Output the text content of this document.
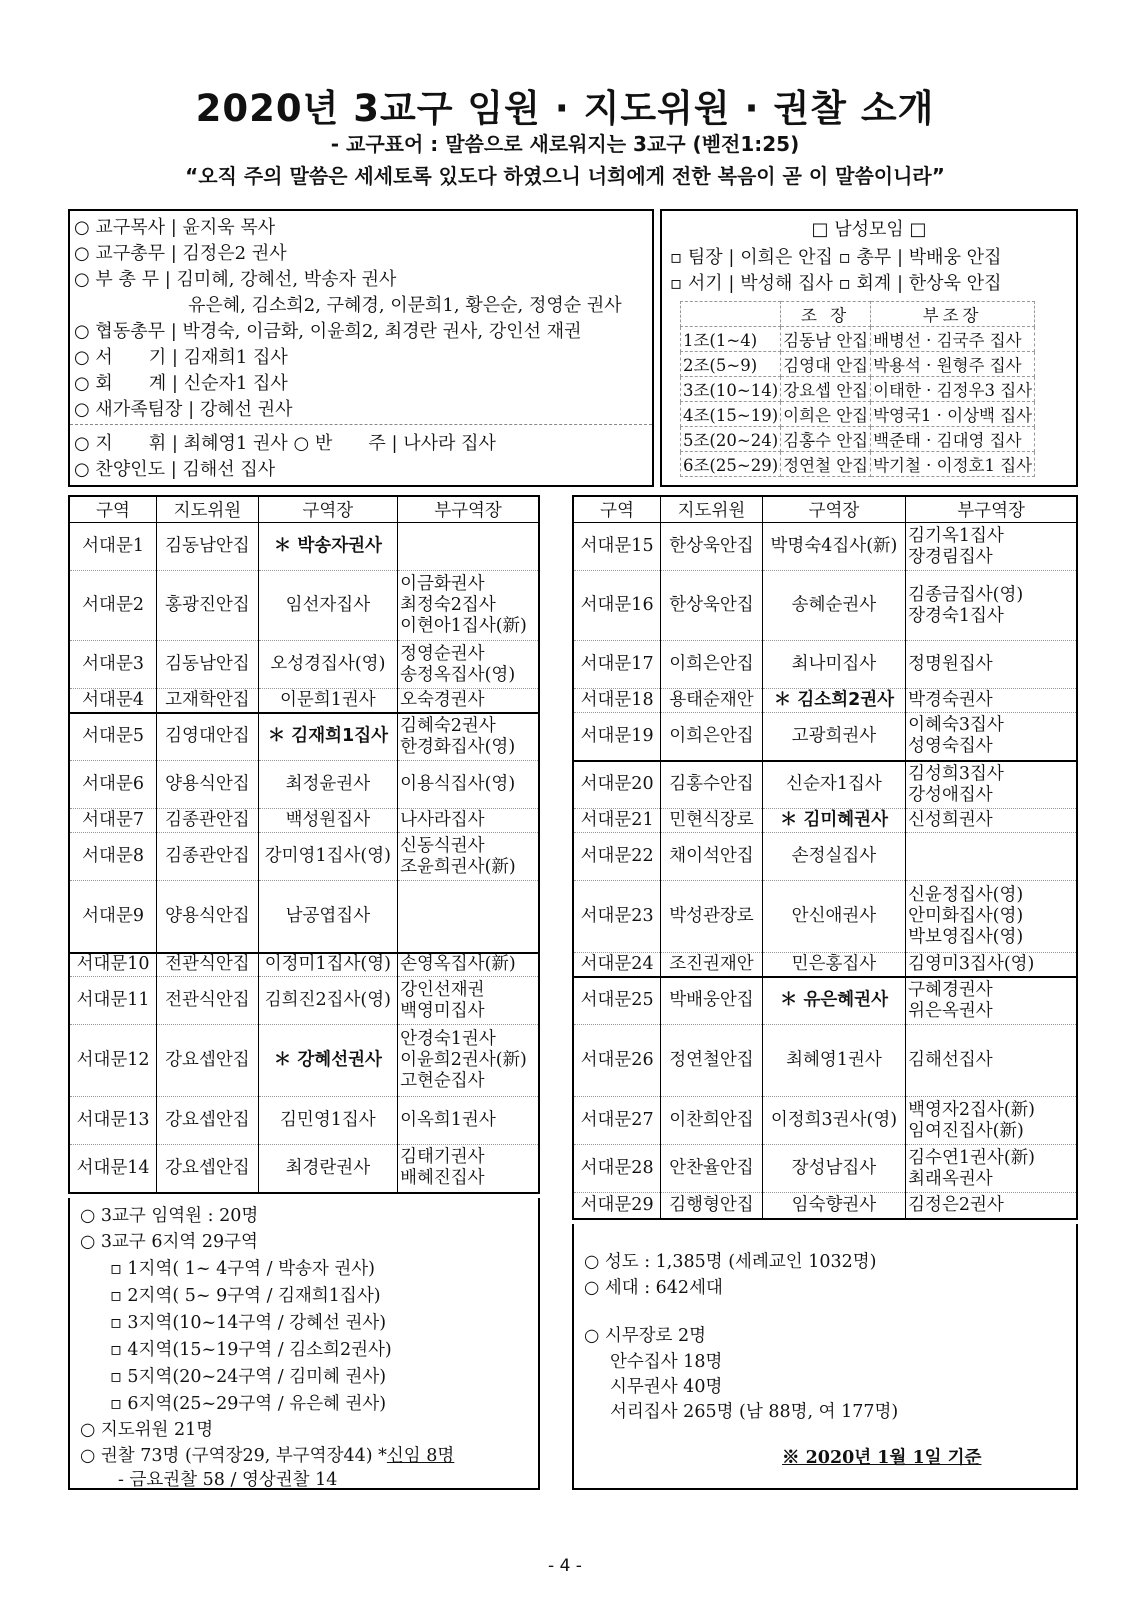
2020년 3교구 임원 · 지도위원 · 권찰 소개
- 교구표어 : 말씀으로 새로워지는 3교구 (벧전1:25)
“오직 주의 말씀은 세세토록 있도다 하였으니 너희에게 전한 복음이 곧 이 말씀이니라”
○ 교구목사 | 윤지욱 목사
○ 교구총무 | 김정은2 권사
○ 부 총 무 | 김미혜, 강혜선, 박송자 권사
유은혜, 김소희2, 구혜경, 이문희1, 황은순, 정영순 권사
○ 협동총무 | 박경숙, 이금화, 이윤희2, 최경란 권사, 강인선 재권
○ 서　　기 | 김재희1 집사
○ 회　　계 | 신순자1 집사
○ 새가족팀장 | 강혜선 권사
○ 지　　휘 | 최혜영1 권사 ○ 반　　주 | 나사라 집사
○ 찬양인도 | 김해선 집사
□ 남성모임 □
▫ 팀장 | 이희은 안집 ▫ 총무 | 박배웅 안집
▫ 서기 | 박성해 집사 ▫ 회계 | 한상욱 안집
	조 장	부조장
1조(1~4)	김동남 안집	배병선 · 김국주 집사
2조(5~9)	김영대 안집	박용석 · 원형주 집사
3조(10~14)	강요셉 안집	이태한 · 김정우3 집사
4조(15~19)	이희은 안집	박영국1 · 이상백 집사
5조(20~24)	김홍수 안집	백준태 · 김대영 집사
6조(25~29)	정연철 안집	박기철 · 이정호1 집사
구역	지도위원	구역장	부구역장
서대문1	김동남안집	＊ 박송자권사	
서대문2	홍광진안집	임선자집사	이금화권사
최정숙2집사
이현아1집사(新)
서대문3	김동남안집	오성경집사(영)	정영순권사
송정옥집사(영)
서대문4	고재학안집	이문희1권사	오숙경권사
서대문5	김영대안집	＊ 김재희1집사	김혜숙2권사
한경화집사(영)
서대문6	양용식안집	최정윤권사	이용식집사(영)
서대문7	김종관안집	백성원집사	나사라집사
서대문8	김종관안집	강미영1집사(영)	신동식권사
조윤희권사(新)
서대문9	양용식안집	남공엽집사	
서대문10	전관식안집	이정미1집사(영)	손영옥집사(新)
서대문11	전관식안집	김희진2집사(영)	강인선재권
백영미집사
서대문12	강요셉안집	＊ 강혜선권사	안경숙1권사
이윤희2권사(新)
고현순집사
서대문13	강요셉안집	김민영1집사	이옥희1권사
서대문14	강요셉안집	최경란권사	김태기권사
배혜진집사
구역	지도위원	구역장	부구역장
서대문15	한상욱안집	박명숙4집사(新)	김기옥1집사
장경림집사
서대문16	한상욱안집	송혜순권사	김종금집사(영)
장경숙1집사
서대문17	이희은안집	최나미집사	정명원집사
서대문18	용태순재안	＊ 김소희2권사	박경숙권사
서대문19	이희은안집	고광희권사	이혜숙3집사
성영숙집사
서대문20	김홍수안집	신순자1집사	김성희3집사
강성애집사
서대문21	민현식장로	＊ 김미혜권사	신성희권사
서대문22	채이석안집	손정실집사	
서대문23	박성관장로	안신애권사	신윤정집사(영)
안미화집사(영)
박보영집사(영)
서대문24	조진권재안	민은홍집사	김영미3집사(영)
서대문25	박배웅안집	＊ 유은혜권사	구혜경권사
위은옥권사
서대문26	정연철안집	최혜영1권사	김해선집사
서대문27	이찬희안집	이정희3권사(영)	백영자2집사(新)
임여진집사(新)
서대문28	안찬율안집	장성남집사	김수연1권사(新)
최래옥권사
서대문29	김행형안집	임숙향권사	김정은2권사
○ 3교구 임역원 : 20명
○ 3교구 6지역 29구역
▫ 1지역( 1~ 4구역 / 박송자 권사)
▫ 2지역( 5~ 9구역 / 김재희1집사)
▫ 3지역(10~14구역 / 강혜선 권사)
▫ 4지역(15~19구역 / 김소희2권사)
▫ 5지역(20~24구역 / 김미혜 권사)
▫ 6지역(25~29구역 / 유은혜 권사)
○ 지도위원 21명
○ 권찰 73명 (구역장29, 부구역장44) *신임 8명
- 금요권찰 58 / 영상권찰 14
○ 성도 : 1,385명 (세례교인 1032명)
○ 세대 : 642세대
○ 시무장로 2명
안수집사 18명
시무권사 40명
서리집사 265명 (남 88명, 여 177명)
※ 2020년 1월 1일 기준
- 4 -
